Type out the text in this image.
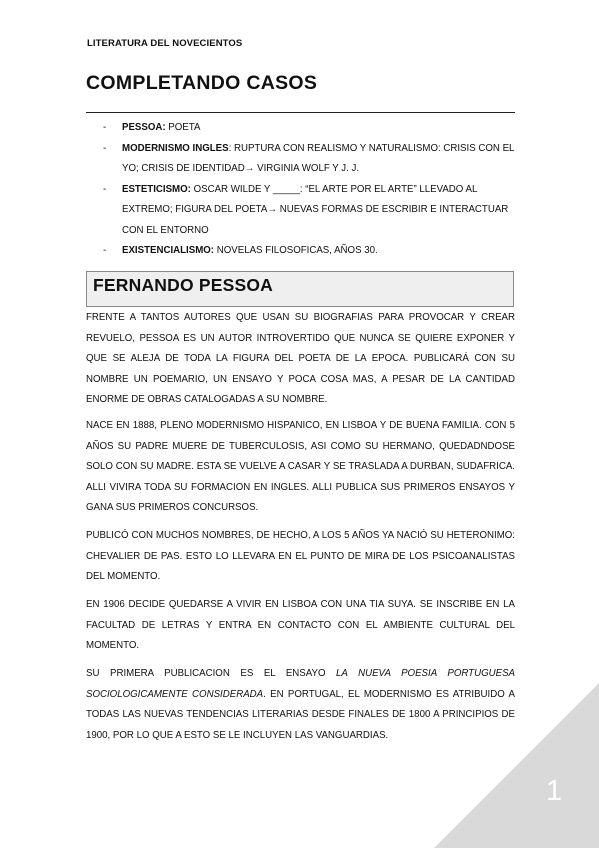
LITERATURA DEL NOVECIENTOS
COMPLETANDO CASOS
- PESSOA: POETA
- MODERNISMO INGLES: RUPTURA CON REALISMO Y NATURALISMO: CRISIS CON EL YO; CRISIS DE IDENTIDAD→ VIRGINIA WOLF Y J. J.
- ESTETICISMO: OSCAR WILDE Y _____: “EL ARTE POR EL ARTE” LLEVADO AL EXTREMO; FIGURA DEL POETA→ NUEVAS FORMAS DE ESCRIBIR E INTERACTUAR CON EL ENTORNO
- EXISTENCIALISMO: NOVELAS FILOSOFICAS, AÑOS 30.
FERNANDO PESSOA

FRENTE A TANTOS AUTORES QUE USAN SU BIOGRAFIAS PARA PROVOCAR Y CREAR REVUELO, PESSOA ES UN AUTOR INTROVERTIDO QUE NUNCA SE QUIERE EXPONER Y QUE SE ALEJA DE TODA LA FIGURA DEL POETA DE LA EPOCA. PUBLICARÁ CON SU NOMBRE UN POEMARIO, UN ENSAYO Y POCA COSA MAS, A PESAR DE LA CANTIDAD ENORME DE OBRAS CATALOGADAS A SU NOMBRE.

NACE EN 1888, PLENO MODERNISMO HISPANICO, EN LISBOA Y DE BUENA FAMILIA. CON 5 AÑOS SU PADRE MUERE DE TUBERCULOSIS, ASI COMO SU HERMANO, QUEDADNDOSE SOLO CON SU MADRE. ESTA SE VUELVE A CASAR Y SE TRASLADA A DURBAN, SUDAFRICA. ALLI VIVIRA TODA SU FORMACION EN INGLES. ALLI PUBLICA SUS PRIMEROS ENSAYOS Y GANA SUS PRIMEROS CONCURSOS.

PUBLICÓ CON MUCHOS NOMBRES, DE HECHO, A LOS 5 AÑOS YA NACIÓ SU HETERONIMO: CHEVALIER DE PAS. ESTO LO LLEVARA EN EL PUNTO DE MIRA DE LOS PSICOANALISTAS DEL MOMENTO.

EN 1906 DECIDE QUEDARSE A VIVIR EN LISBOA CON UNA TIA SUYA. SE INSCRIBE EN LA FACULTAD DE LETRAS Y ENTRA EN CONTACTO CON EL AMBIENTE CULTURAL DEL MOMENTO.

SU PRIMERA PUBLICACION ES EL ENSAYO LA NUEVA POESIA PORTUGUESA SOCIOLOGICAMENTE CONSIDERADA. EN PORTUGAL, EL MODERNISMO ES ATRIBUIDO A TODAS LAS NUEVAS TENDENCIAS LITERARIAS DESDE FINALES DE 1800 A PRINCIPIOS DE 1900, POR LO QUE A ESTO SE LE INCLUYEN LAS VANGUARDIAS.

1
